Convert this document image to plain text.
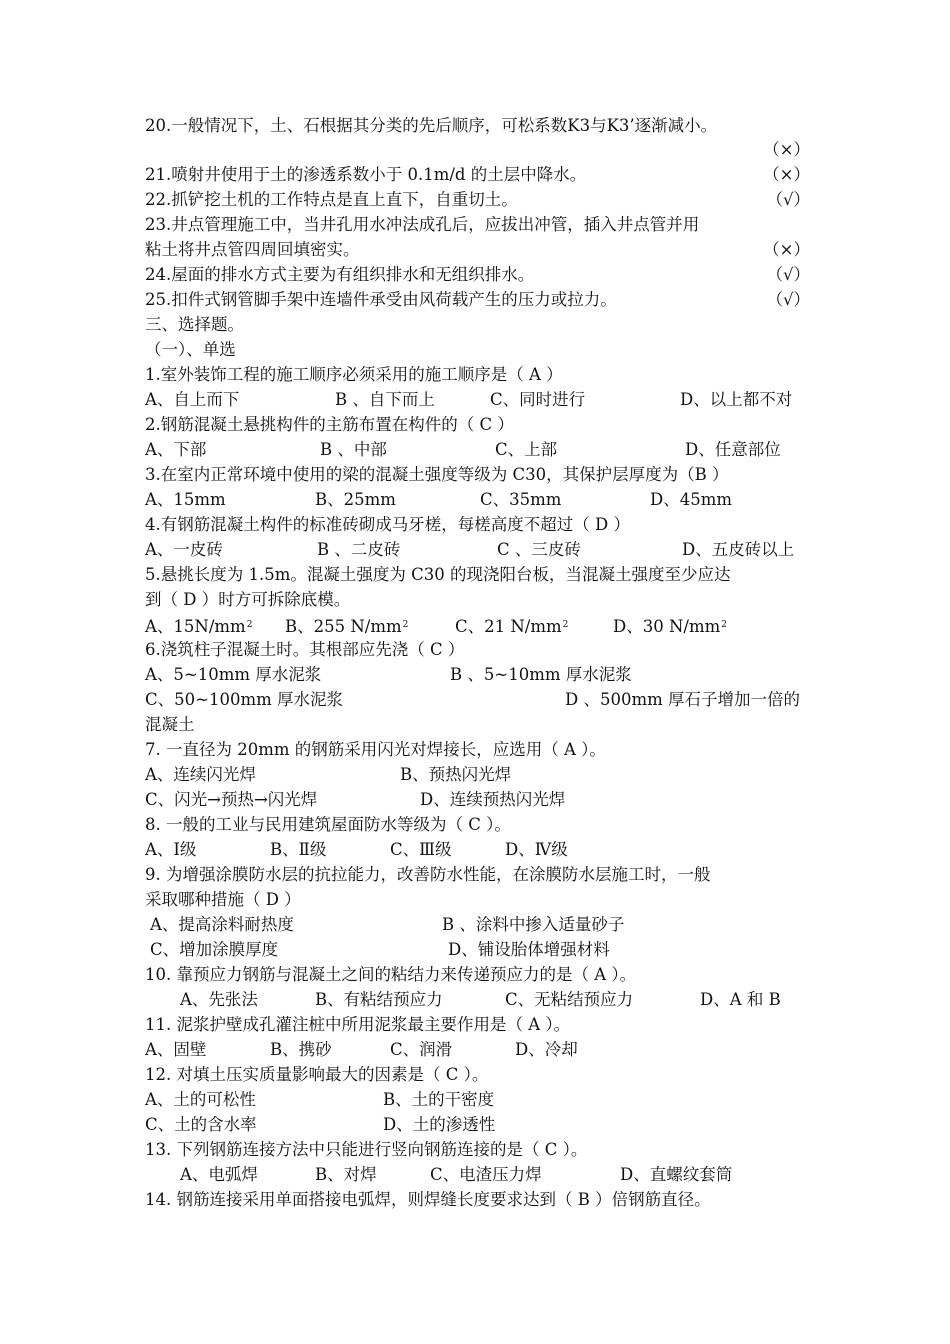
20.一般情况下，土、石根据其分类的先后顺序，可松系数K3与K3’逐渐减小。
（×）
21.喷射井使用于土的渗透系数小于 0.1m/d 的土层中降水。	（×）
22.抓铲挖土机的工作特点是直上直下，自重切土。	（√）
23.井点管理施工中，当井孔用水冲法成孔后，应拔出冲管，插入井点管并用
粘土将井点管四周回填密实。	（×）
24.屋面的排水方式主要为有组织排水和无组织排水。	（√）
25.扣件式钢管脚手架中连墙件承受由风荷载产生的压力或拉力。	（√）
三、选择题。
（一）、单选
1.室外装饰工程的施工顺序必须采用的施工顺序是（ A ）
A、自上而下	B 、自下而上	C、同时进行	D、以上都不对
2.钢筋混凝土悬挑构件的主筋布置在构件的（ C ）
A、下部	B 、中部	C、上部	D、任意部位
3.在室内正常环境中使用的梁的混凝土强度等级为 C30，其保护层厚度为（B ）
A、15mm	B、25mm	C、35mm	D、45mm
4.有钢筋混凝土构件的标准砖砌成马牙槎，每槎高度不超过（ D ）
A、一皮砖	B 、二皮砖	C 、三皮砖	D、五皮砖以上
5.悬挑长度为 1.5m。混凝土强度为 C30 的现浇阳台板，当混凝土强度至少应达
到（ D ）时方可拆除底模。
A、$15N/mm^2$ B、255 $N/mm^2$	C、21 $N/mm^2$	D、30 $N/mm^2$
6.浇筑柱子混凝土时。其根部应先浇（ C ）
A、5~10mm 厚水泥浆	B 、5~10mm 厚水泥浆
C、50~100mm 厚水泥浆	D 、500mm 厚石子增加一倍的
混凝土
7. 一直径为 20mm 的钢筋采用闪光对焊接长，应选用（ A ）。
A、连续闪光焊	B、预热闪光焊
C、闪光→预热→闪光焊	D、连续预热闪光焊
8. 一般的工业与民用建筑屋面防水等级为（ C ）。
A、Ⅰ级	B、Ⅱ级	C、Ⅲ级	D、Ⅳ级
9. 为增强涂膜防水层的抗拉能力，改善防水性能，在涂膜防水层施工时，一般
采取哪种措施（ D ）
A、提高涂料耐热度	B 、涂料中掺入适量砂子
C、增加涂膜厚度	D、铺设胎体增强材料
10. 靠预应力钢筋与混凝土之间的粘结力来传递预应力的是（ A ）。
A、先张法	B、有粘结预应力	C、无粘结预应力	D、A 和 B
11. 泥浆护壁成孔灌注桩中所用泥浆最主要作用是（ A ）。
A、固壁	B、携砂	C、润滑	D、冷却
12. 对填土压实质量影响最大的因素是（ C ）。
A、土的可松性	B、土的干密度
C、土的含水率	D、土的渗透性
13. 下列钢筋连接方法中只能进行竖向钢筋连接的是（ C ）。
A、电弧焊	B、对焊	C、电渣压力焊	D、直螺纹套筒
14. 钢筋连接采用单面搭接电弧焊，则焊缝长度要求达到（ B ）倍钢筋直径。
